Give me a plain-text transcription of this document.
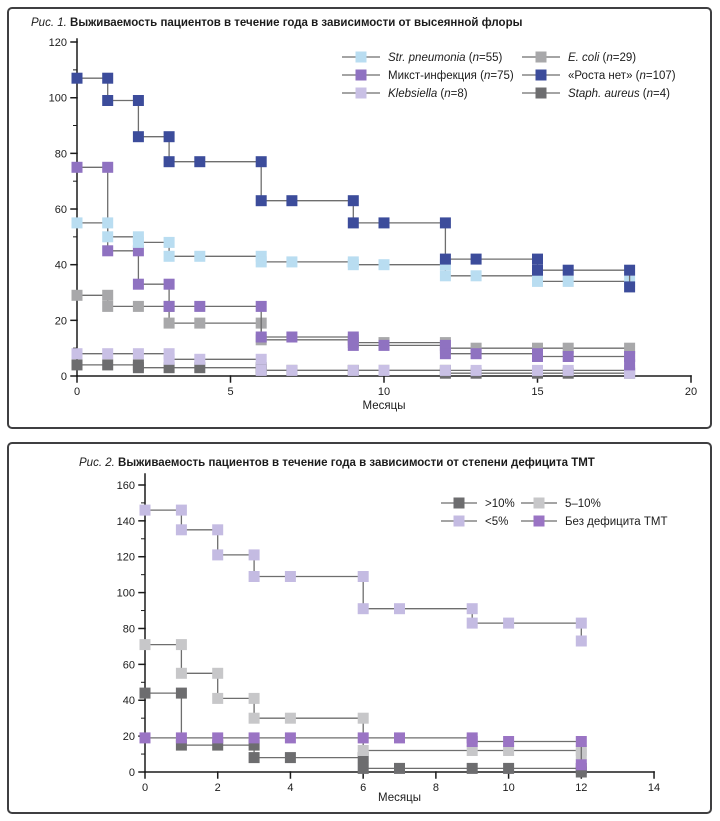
Рис. 1. Выживаемость пациентов в течение года в зависимости от высеянной флоры
0
20
40
60
80
100
120
0	5	10	15	20
Месяцы
Str. pneumonia (n=55)
Микст-инфекция (n=75)
Klebsiella (n=8)
E. coli (n=29)
«Роста нет» (n=107)
Staph. aureus (n=4)
Рис. 2. Выживаемость пациентов в течение года в зависимости от степени дефицита ТМТ
0
20
40
60
80
100
120
140
160
0	2	4	6	8	10	12	14
Месяцы
>10%
<5%
5–10%
Без дефицита ТМТ
